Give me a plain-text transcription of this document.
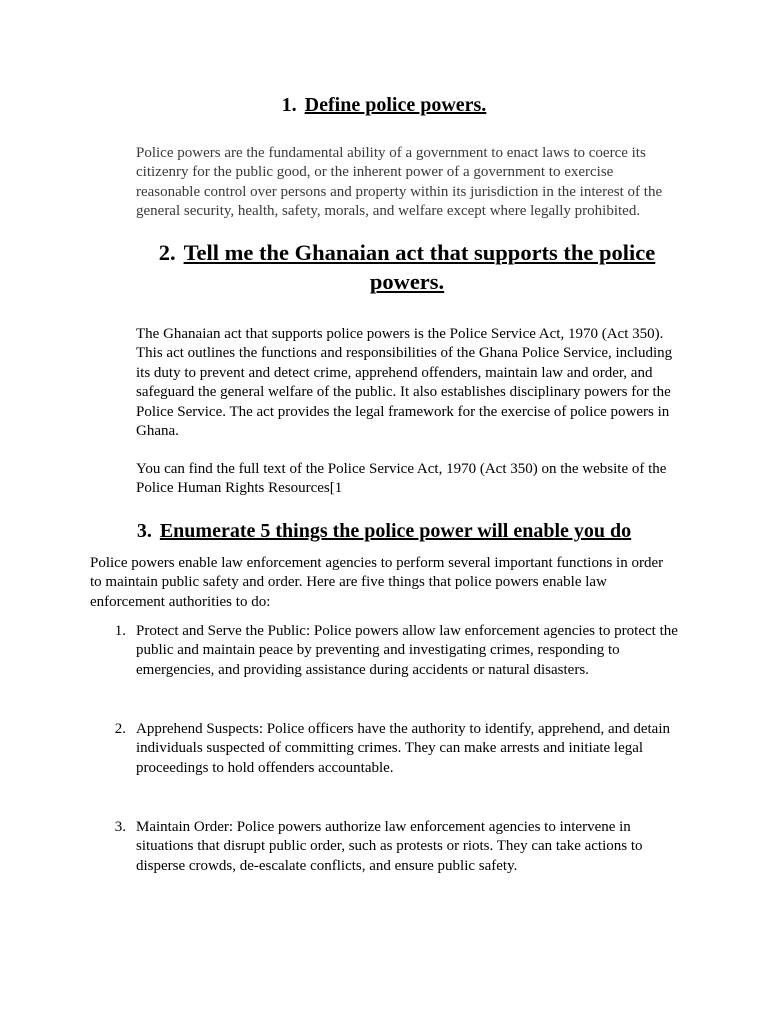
1. Define police powers.

Police powers are the fundamental ability of a government to enact laws to coerce its citizenry for the public good, or the inherent power of a government to exercise reasonable control over persons and property within its jurisdiction in the interest of the general security, health, safety, morals, and welfare except where legally prohibited.

2. Tell me the Ghanaian act that supports the police powers.

The Ghanaian act that supports police powers is the Police Service Act, 1970 (Act 350). This act outlines the functions and responsibilities of the Ghana Police Service, including its duty to prevent and detect crime, apprehend offenders, maintain law and order, and safeguard the general welfare of the public. It also establishes disciplinary powers for the Police Service. The act provides the legal framework for the exercise of police powers in Ghana.

You can find the full text of the Police Service Act, 1970 (Act 350) on the website of the Police Human Rights Resources[1

3. Enumerate 5 things the police power will enable you do

Police powers enable law enforcement agencies to perform several important functions in order to maintain public safety and order. Here are five things that police powers enable law enforcement authorities to do:

1. Protect and Serve the Public: Police powers allow law enforcement agencies to protect the public and maintain peace by preventing and investigating crimes, responding to emergencies, and providing assistance during accidents or natural disasters.
2. Apprehend Suspects: Police officers have the authority to identify, apprehend, and detain individuals suspected of committing crimes. They can make arrests and initiate legal proceedings to hold offenders accountable.
3. Maintain Order: Police powers authorize law enforcement agencies to intervene in situations that disrupt public order, such as protests or riots. They can take actions to disperse crowds, de-escalate conflicts, and ensure public safety.
